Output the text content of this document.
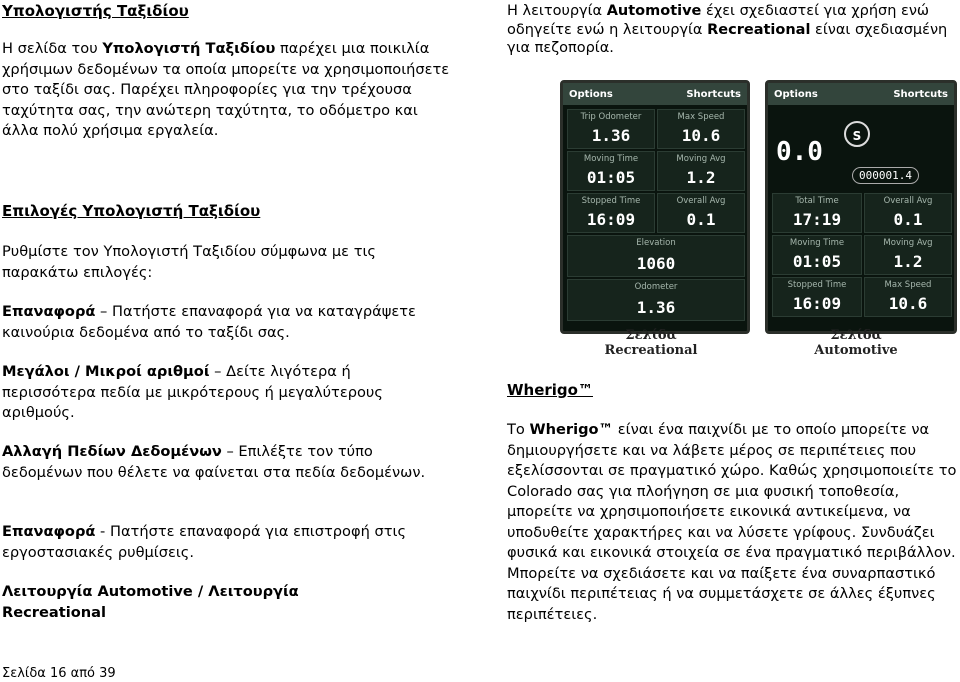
Υπολογιστής Ταξιδίου
Η σελίδα του Υπολογιστή Ταξιδίου παρέχει μια ποικιλία χρήσιμων δεδομένων τα οποία μπορείτε να χρησιμοποιήσετε στο ταξίδι σας. Παρέχει πληροφορίες για την τρέχουσα ταχύτητα σας, την ανώτερη ταχύτητα, το οδόμετρο και άλλα πολύ χρήσιμα εργαλεία.
Επιλογές Υπολογιστή Ταξιδίου
Ρυθμίστε τον Υπολογιστή Ταξιδίου σύμφωνα με τις παρακάτω επιλογές:
Επαναφορά – Πατήστε επαναφορά για να καταγράψετε καινούρια δεδομένα από το ταξίδι σας.
Μεγάλοι / Μικροί αριθμοί – Δείτε λιγότερα ή περισσότερα πεδία με μικρότερους ή μεγαλύτερους αριθμούς.
Αλλαγή Πεδίων Δεδομένων – Επιλέξτε τον τύπο δεδομένων που θέλετε να φαίνεται στα πεδία δεδομένων.
Επαναφορά - Πατήστε επαναφορά για επιστροφή στις εργοστασιακές ρυθμίσεις.
Λειτουργία Automotive / Λειτουργία Recreational
Σελίδα 16 από 39
Η λειτουργία Automotive έχει σχεδιαστεί για χρήση ενώ οδηγείτε ενώ η λειτουργία Recreational είναι σχεδιασμένη για πεζοπορία.
Wherigo™
Το Wherigo™ είναι ένα παιχνίδι με το οποίο μπορείτε να δημιουργήσετε και να λάβετε μέρος σε περιπέτειες που εξελίσσονται σε πραγματικό χώρο. Καθώς χρησιμοποιείτε το Colorado σας για πλοήγηση σε μια φυσική τοποθεσία, μπορείτε να χρησιμοποιήσετε εικονικά αντικείμενα, να υποδυθείτε χαρακτήρες και να λύσετε γρίφους. Συνδυάζει φυσικά και εικονικά στοιχεία σε ένα πραγματικό περιβάλλον. Μπορείτε να σχεδιάσετε και να παίξετε ένα συναρπαστικό παιχνίδι περιπέτειας ή να συμμετάσχετε σε άλλες έξυπνες περιπέτειες.
Options	Shortcuts
Trip Odometer
1.36
Max Speed
10.6
Moving Time
01:05
Moving Avg
1.2
Stopped Time
16:09
Overall Avg
0.1
Elevation
1060
Odometer
1.36
Σελίδα
Recreational
Options	Shortcuts
0.0
S
000001.4
Total Time
17:19
Overall Avg
0.1
Moving Time
01:05
Moving Avg
1.2
Stopped Time
16:09
Max Speed
10.6
Σελίδα
Automotive
